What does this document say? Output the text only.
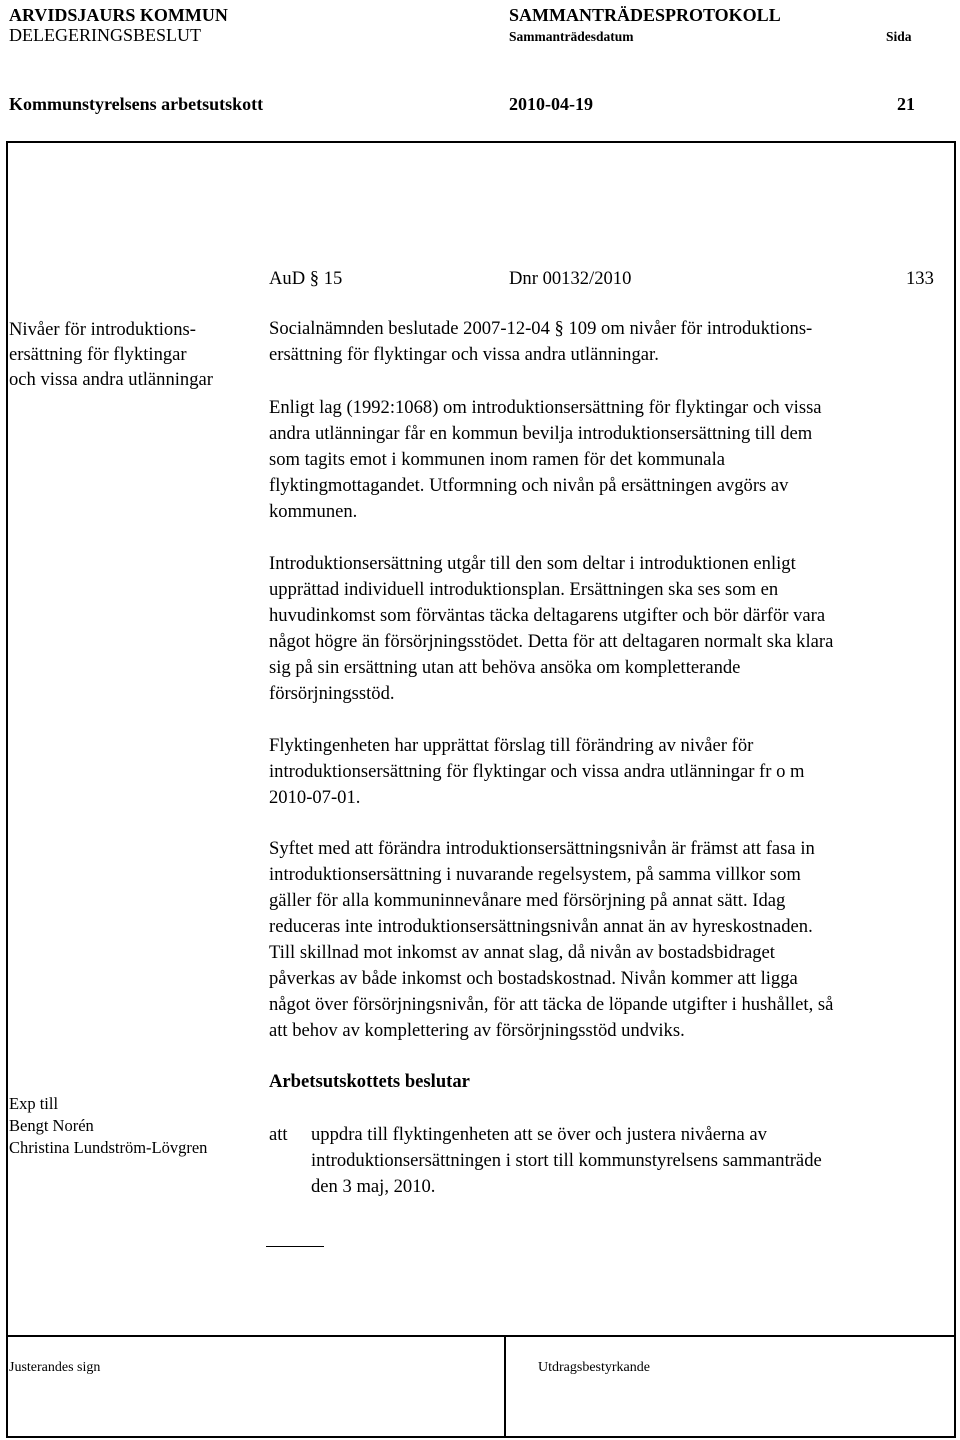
ARVIDSJAURS KOMMUN	SAMMANTRÄDESPROTOKOLL
DELEGERINGSBESLUT	Sammanträdesdatum	Sida
Kommunstyrelsens arbetsutskott	2010-04-19	21
AuD § 15	Dnr 00132/2010	133
Nivåer för introduktions-
ersättning för flyktingar
och vissa andra utlänningar

Socialnämnden beslutade 2007-12-04 § 109 om nivåer för introduktions-

ersättning för flyktingar och vissa andra utlänningar.

Enligt lag (1992:1068) om introduktionsersättning för flyktingar och vissa

andra utlänningar får en kommun bevilja introduktionsersättning till dem

som tagits emot i kommunen inom ramen för det kommunala

flyktingmottagandet. Utformning och nivån på ersättningen avgörs av

kommunen.

Introduktionsersättning utgår till den som deltar i introduktionen enligt

upprättad individuell introduktionsplan. Ersättningen ska ses som en

huvudinkomst som förväntas täcka deltagarens utgifter och bör därför vara

något högre än försörjningsstödet. Detta för att deltagaren normalt ska klara

sig på sin ersättning utan att behöva ansöka om kompletterande

försörjningsstöd.

Flyktingenheten har upprättat förslag till förändring av nivåer för

introduktionsersättning för flyktingar och vissa andra utlänningar fr o m

2010-07-01.

Syftet med att förändra introduktionsersättningsnivån är främst att fasa in

introduktionsersättning i nuvarande regelsystem, på samma villkor som

gäller för alla kommuninnevånare med försörjning på annat sätt. Idag

reduceras inte introduktionsersättningsnivån annat än av hyreskostnaden.

Till skillnad mot inkomst av annat slag, då nivån av bostadsbidraget

påverkas av både inkomst och bostadskostnad. Nivån kommer att ligga

något över försörjningsnivån, för att täcka de löpande utgifter i hushållet, så

att behov av komplettering av försörjningsstöd undviks.

Arbetsutskottets beslutar
att uppdra till flyktingenheten att se över och justera nivåerna av

introduktionsersättningen i stort till kommunstyrelsens sammanträde

den 3 maj, 2010.

Exp till
Bengt Norén
Christina Lundström-Lövgren
Justerandes sign	Utdragsbestyrkande
